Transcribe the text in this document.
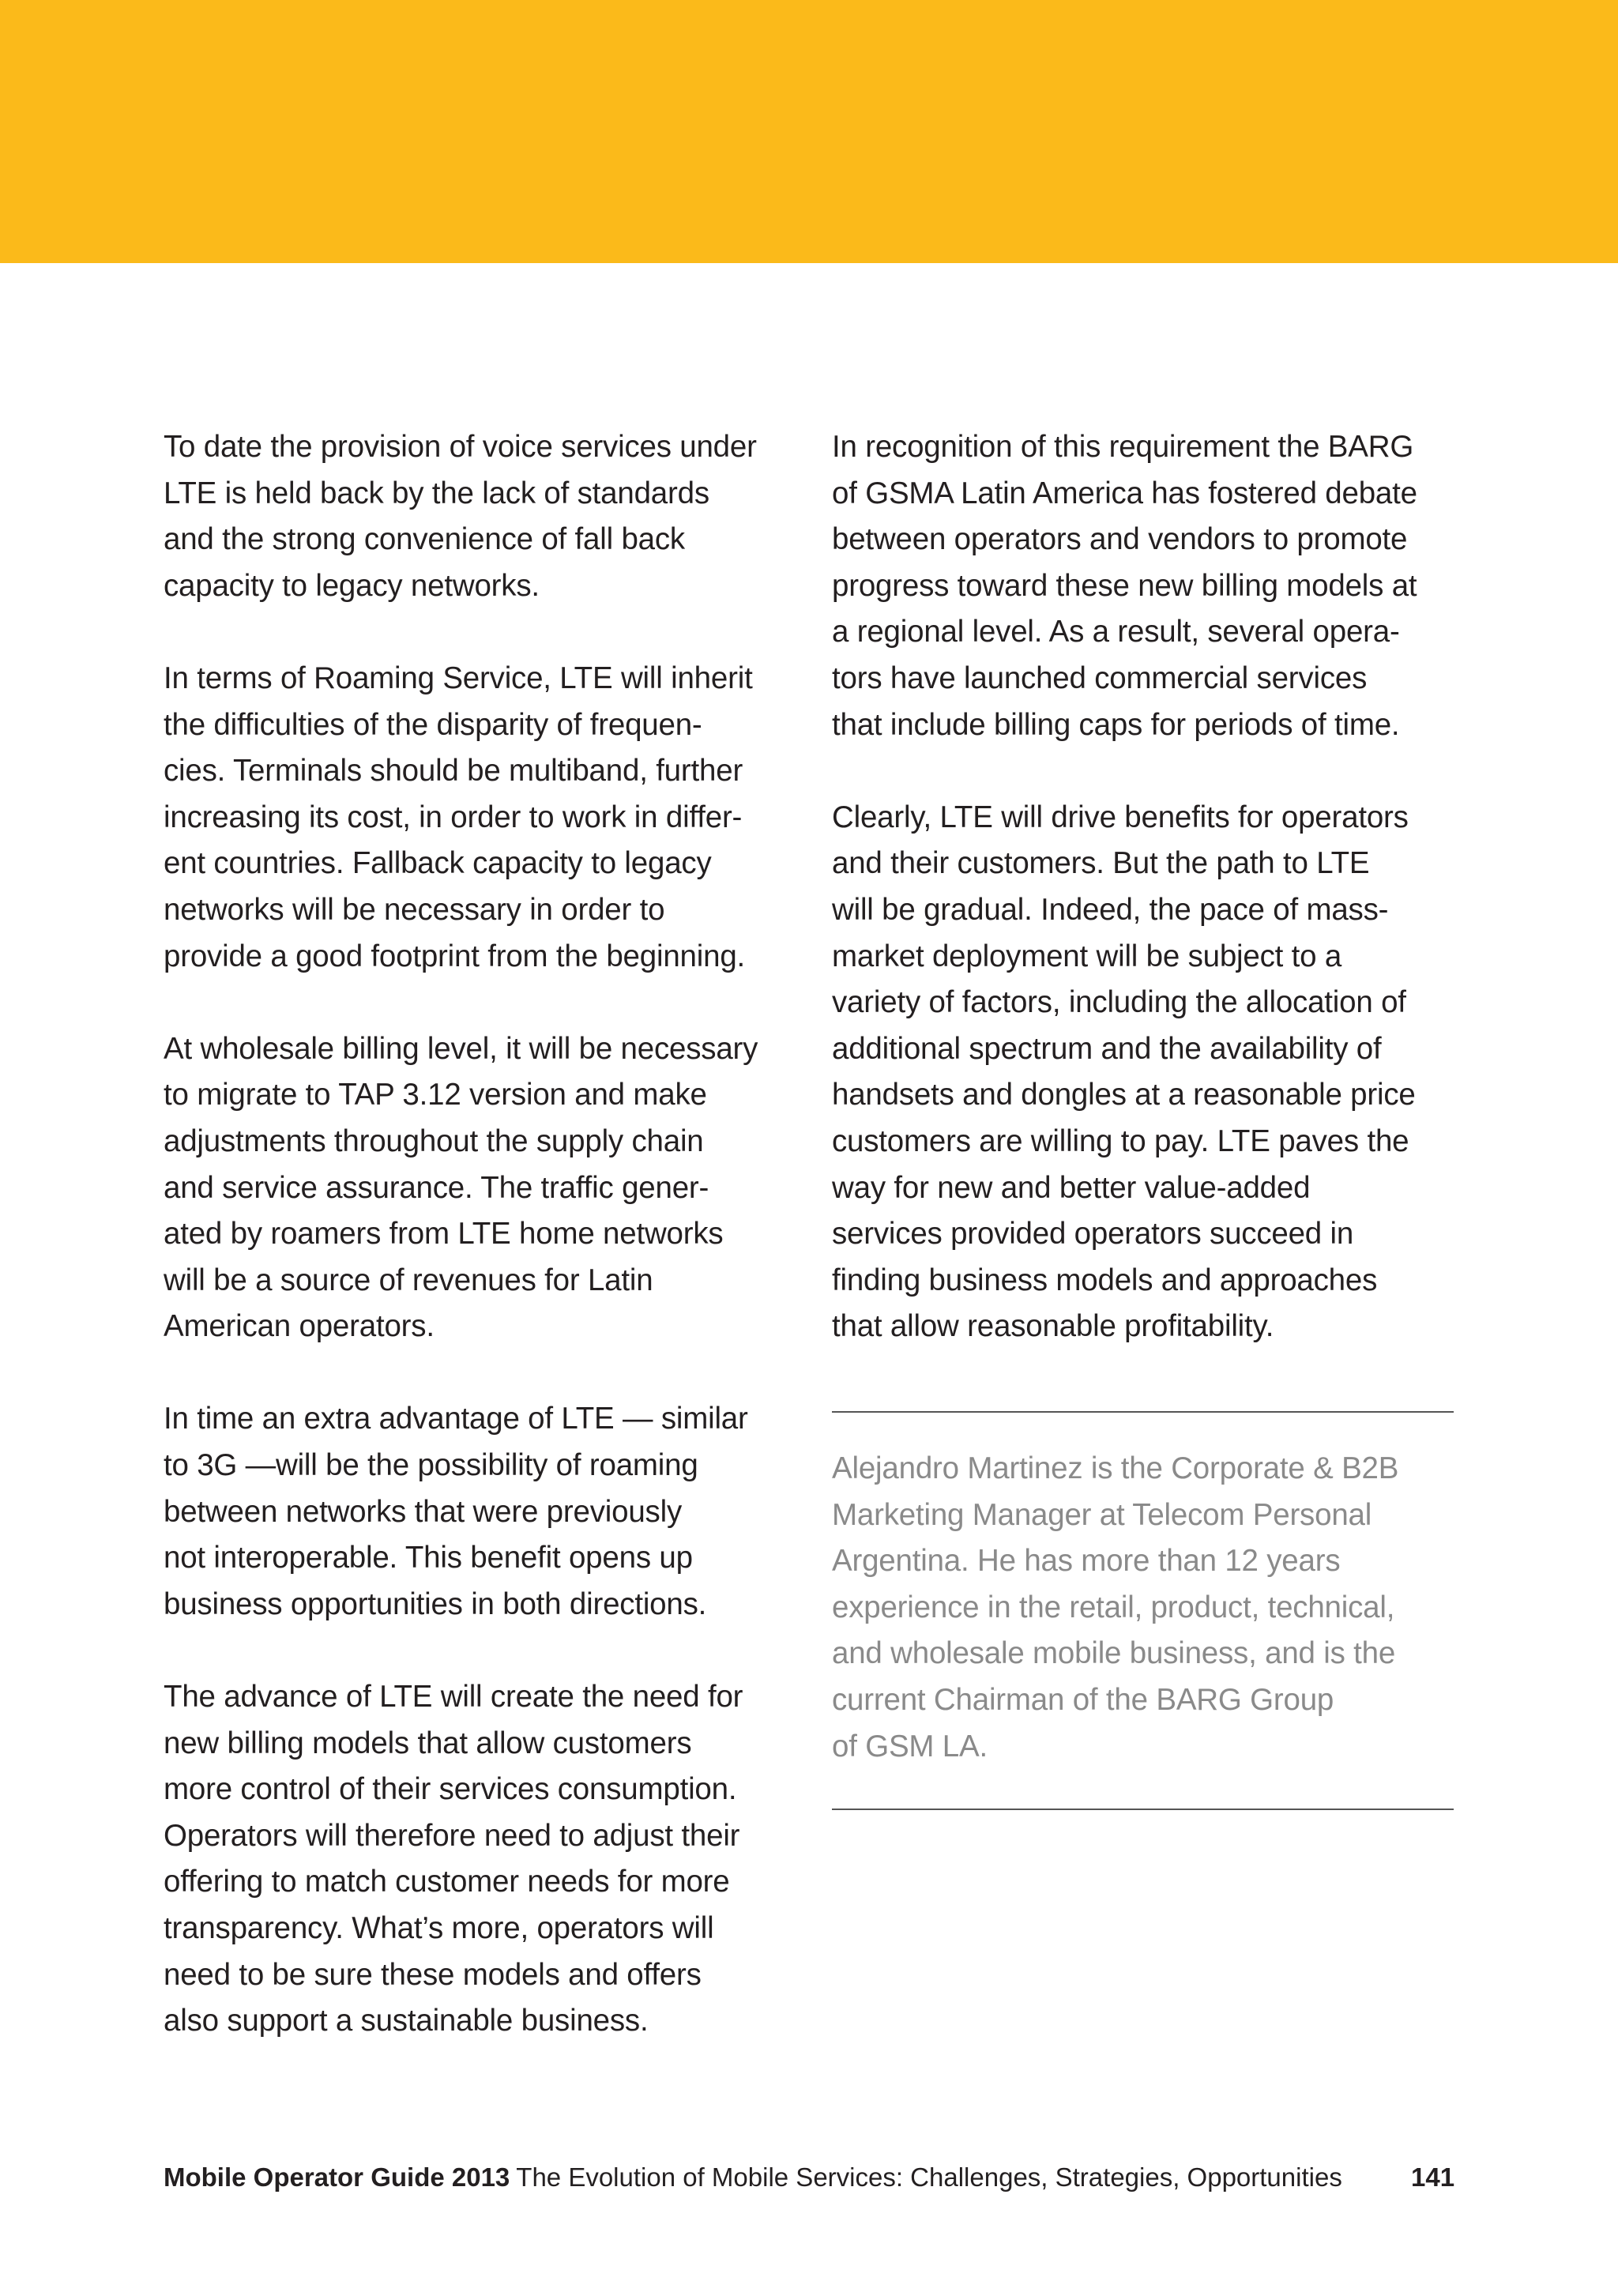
To date the provision of voice services under
LTE is held back by the lack of standards
and the strong convenience of fall back
capacity to legacy networks.

In terms of Roaming Service, LTE will inherit
the difficulties of the disparity of frequen-
cies. Terminals should be multiband, further
increasing its cost, in order to work in differ-
ent countries. Fallback capacity to legacy
networks will be necessary in order to
provide a good footprint from the beginning.

At wholesale billing level, it will be necessary
to migrate to TAP 3.12 version and make
adjustments throughout the supply chain
and service assurance. The traffic gener-
ated by roamers from LTE home networks
will be a source of revenues for Latin
American operators.

In time an extra advantage of LTE — similar
to 3G —will be the possibility of roaming
between networks that were previously
not interoperable. This benefit opens up
business opportunities in both directions.

The advance of LTE will create the need for
new billing models that allow customers
more control of their services consumption.
Operators will therefore need to adjust their
offering to match customer needs for more
transparency. What’s more, operators will
need to be sure these models and offers
also support a sustainable business.

In recognition of this requirement the BARG
of GSMA Latin America has fostered debate
between operators and vendors to promote
progress toward these new billing models at
a regional level. As a result, several opera-
tors have launched commercial services
that include billing caps for periods of time.

Clearly, LTE will drive benefits for operators
and their customers. But the path to LTE
will be gradual. Indeed, the pace of mass-
market deployment will be subject to a
variety of factors, including the allocation of
additional spectrum and the availability of
handsets and dongles at a reasonable price
customers are willing to pay. LTE paves the
way for new and better value-added
services provided operators succeed in
finding business models and approaches
that allow reasonable profitability.

Alejandro Martinez is the Corporate & B2B
Marketing Manager at Telecom Personal
Argentina. He has more than 12 years
experience in the retail, product, technical,
and wholesale mobile business, and is the
current Chairman of the BARG Group
of GSM LA.
Mobile Operator Guide 2013 The Evolution of Mobile Services: Challenges, Strategies, Opportunities	141
